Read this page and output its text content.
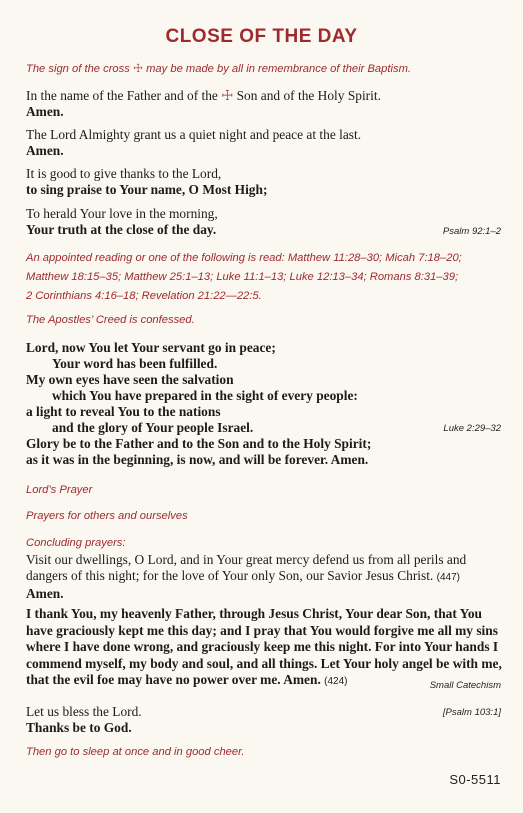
CLOSE OF THE DAY
The sign of the cross ☩ may be made by all in remembrance of their Baptism.
In the name of the Father and of the ☩ Son and of the Holy Spirit.
Amen.
The Lord Almighty grant us a quiet night and peace at the last.
Amen.
It is good to give thanks to the Lord,
to sing praise to Your name, O Most High;
To herald Your love in the morning,
Your truth at the close of the day.	Psalm 92:1–2
An appointed reading or one of the following is read: Matthew 11:28–30; Micah 7:18–20;
Matthew 18:15–35; Matthew 25:1–13; Luke 11:1–13; Luke 12:13–34; Romans 8:31–39;
2 Corinthians 4:16–18; Revelation 21:22—22:5.
The Apostles’ Creed is confessed.
Lord, now You let Your servant go in peace;
Your word has been fulfilled.
My own eyes have seen the salvation
which You have prepared in the sight of every people:
a light to reveal You to the nations
and the glory of Your people Israel.
Glory be to the Father and to the Son and to the Holy Spirit;
as it was in the beginning, is now, and will be forever. Amen.
Luke 2:29–32
Lord’s Prayer
Prayers for others and ourselves
Concluding prayers:
Visit our dwellings, O Lord, and in Your great mercy defend us from all perils and
dangers of this night; for the love of Your only Son, our Savior Jesus Christ. (447)
Amen.
I thank You, my heavenly Father, through Jesus Christ, Your dear Son, that You
have graciously kept me this day; and I pray that You would forgive me all my sins
where I have done wrong, and graciously keep me this night. For into Your hands I
commend myself, my body and soul, and all things. Let Your holy angel be with me,
that the evil foe may have no power over me. Amen. (424)	Small Catechism
Let us bless the Lord.
Thanks be to God.
[Psalm 103:1]
Then go to sleep at once and in good cheer.
S0-5511
